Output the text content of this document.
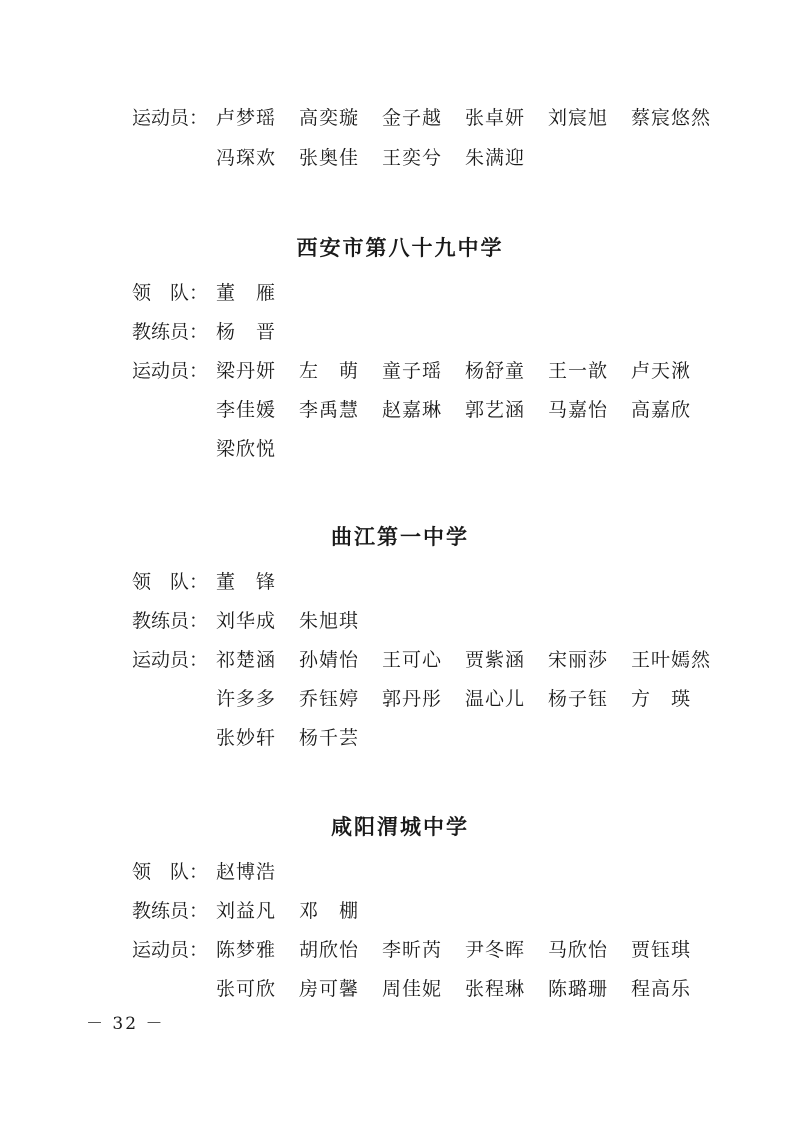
运动员： 卢梦瑶 高奕璇 金子越 张卓妍 刘宸旭 蔡宸悠然
冯琛欢 张奥佳 王奕兮 朱满迎
西安市第八十九中学
领　队： 董　雁
教练员： 杨　晋
运动员： 梁丹妍 左　萌 童子瑶 杨舒童 王一歆 卢天湫
李佳媛 李禹慧 赵嘉琳 郭艺涵 马嘉怡 高嘉欣
梁欣悦
曲江第一中学
领　队： 董　锋
教练员： 刘华成 朱旭琪
运动员： 祁楚涵 孙婧怡 王可心 贾紫涵 宋丽莎 王叶嫣然
许多多 乔钰婷 郭丹彤 温心儿 杨子钰 方　瑛
张妙轩 杨千芸
咸阳渭城中学
领　队： 赵博浩
教练员： 刘益凡 邓　棚
运动员： 陈梦雅 胡欣怡 李昕芮 尹冬晖 马欣怡 贾钰琪
张可欣 房可馨 周佳妮 张程琳 陈璐珊 程高乐
－ 32 －
